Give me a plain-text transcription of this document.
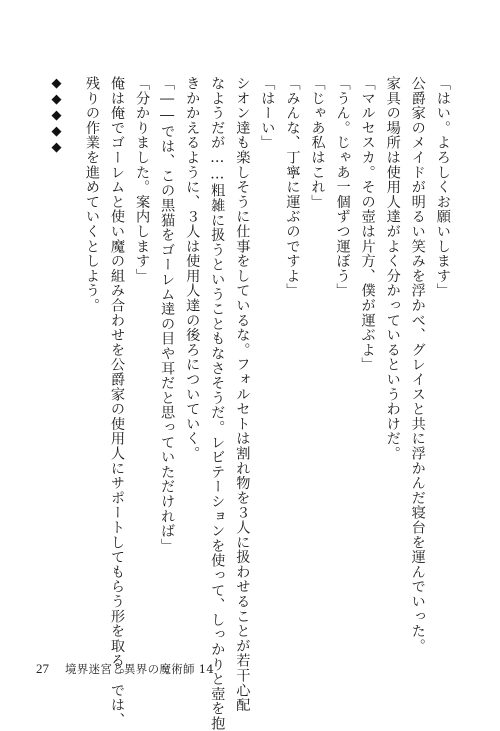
「はい。よろしくお願いします」

公爵家のメイドが明るい笑みを浮かべ、グレイスと共に浮かんだ寝台を運んでいった。

家具の場所は使用人達がよく分かっているというわけだ。

「マルセスカ。その壺は片方、僕が運ぶよ」

「うん。じゃあ一個ずつ運ぼう」

「じゃあ私はこれ」

「みんな、丁寧に運ぶのですよ」

「はーい」

シオン達も楽しそうに仕事をしているな。フォルセトは割れ物を３人に扱わせることが若干心配

なようだが……粗雑に扱うということもなさそうだ。レビテーションを使って、しっかりと壺を抱

きかかえるように、３人は使用人達の後ろについていく。

「――では、この黒猫をゴーレム達の目や耳だと思っていただければ」

「分かりました。案内します」

俺は俺でゴーレムと使い魔の組み合わせを公爵家の使用人にサポートしてもらう形を取る。では、

残りの作業を進めていくとしよう。

◆◆◆◆◆
27 境界迷宮と異界の魔術師 14
